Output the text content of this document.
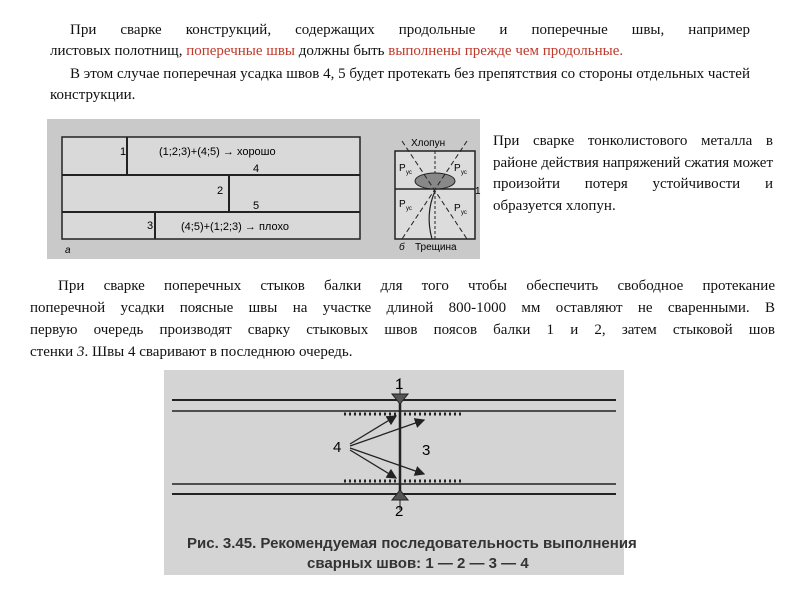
При сварке конструкций, содержащих продольные и поперечные швы, например
листовых полотнищ, поперечные швы должны быть выполнены прежде чем продольные.

В этом случае поперечная усадка швов 4, 5 будет протекать без препятствия со стороны отдельных частей конструкции.

1	(1;2;3)+(4;5) → хорошо
4
2
5
3	(4;5)+(1;2;3) → плохо
а
Хлопун
P ус	P ус
P ус	P ус
1
б Трещина

При сварке тонколистового металла в районе действия напряжений сжатия может произойти потеря устойчивости и образуется хлопун.

При сварке поперечных стыков балки для того чтобы обеспечить свободное протекание
поперечной усадки поясные швы на участке длиной 800-1000 мм оставляют не сваренными. В
первую очередь производят сварку стыковых швов поясов балки 1 и 2, затем стыковой шов
стенки 3. Швы 4 сваривают в последнюю очередь.

1
4	3
2
Рис. 3.45. Рекомендуемая последовательность выполнения
сварных швов: 1 — 2 — 3 — 4
